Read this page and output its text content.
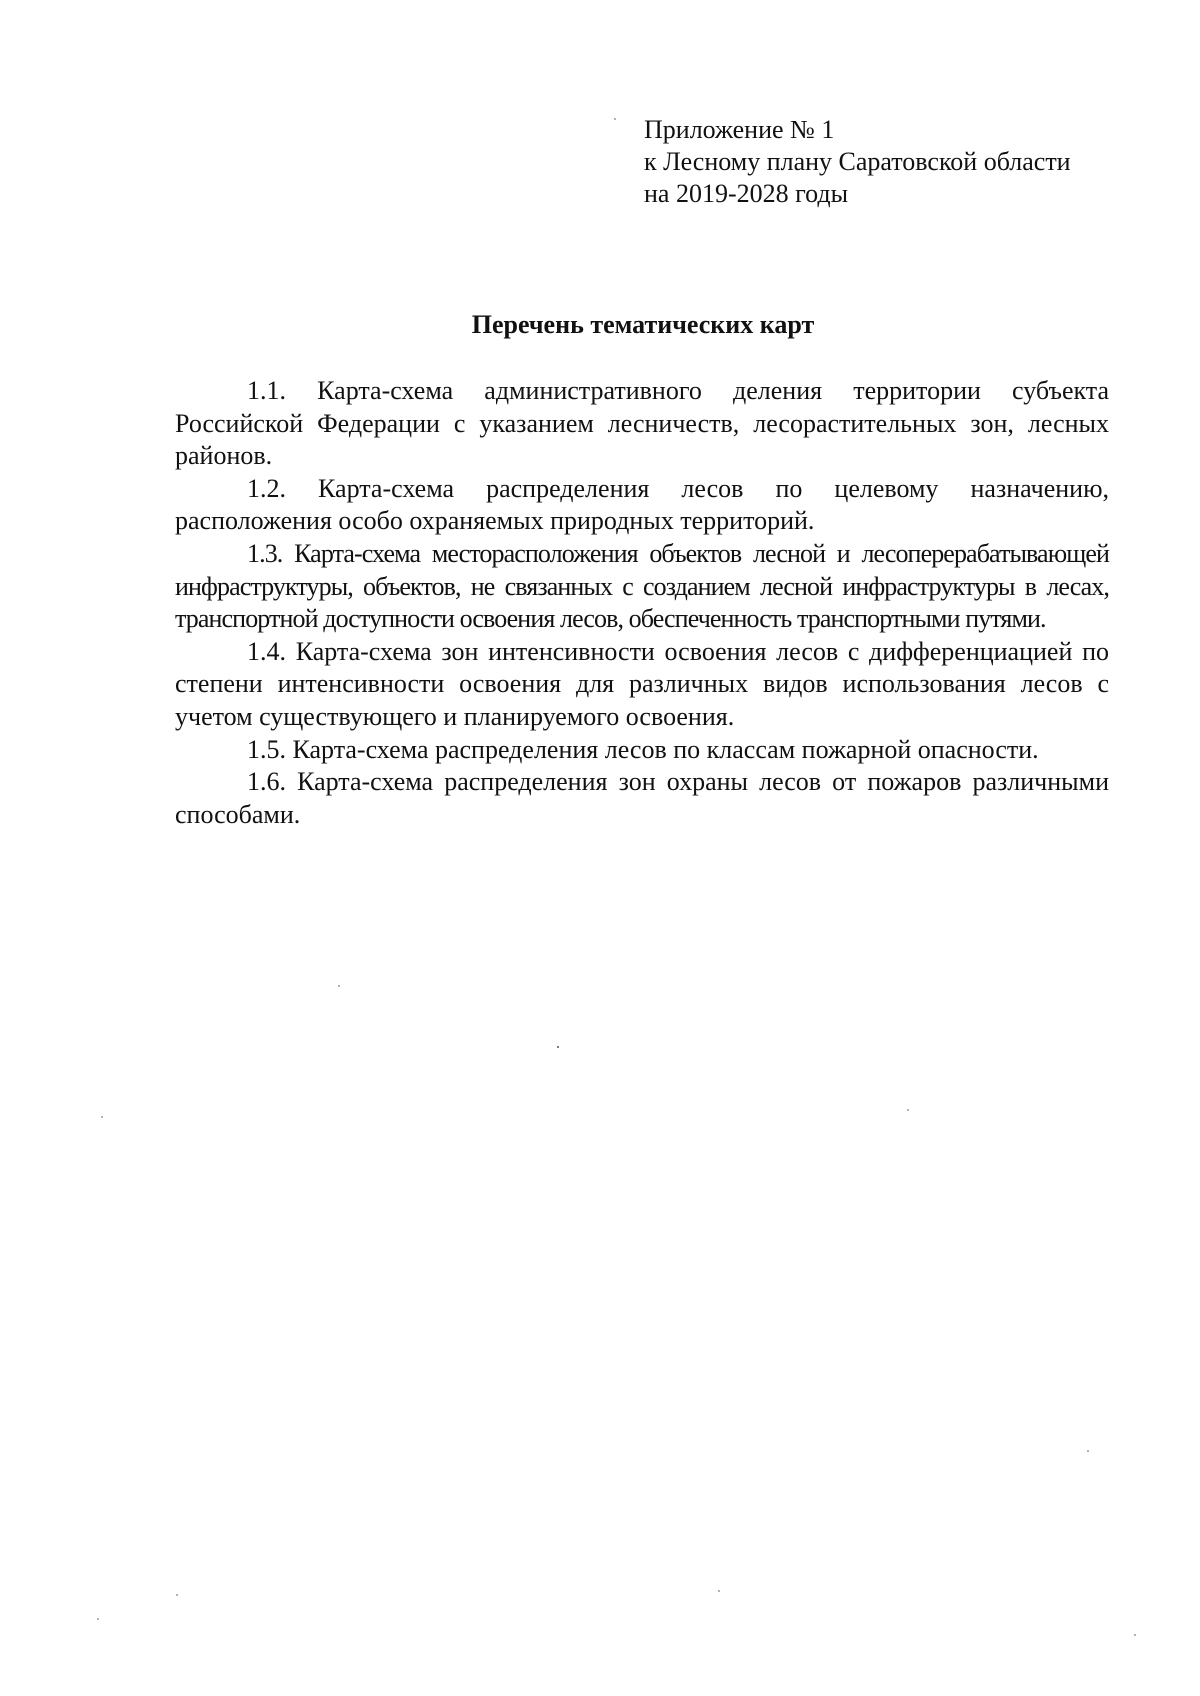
Приложение № 1
к Лесному плану Саратовской области
на 2019-2028 годы
Перечень тематических карт

1.1. Карта-схема административного деления территории субъекта Российской Федерации с указанием лесничеств, лесорастительных зон, лесных районов.

1.2. Карта-схема распределения лесов по целевому назначению, расположения особо охраняемых природных территорий.

1.3. Карта-схема месторасположения объектов лесной и лесоперерабатывающей инфраструктуры, объектов, не связанных с созданием лесной инфраструктуры в лесах, транспортной доступности освоения лесов, обеспеченность транспортными путями.

1.4. Карта-схема зон интенсивности освоения лесов с дифференциацией по степени интенсивности освоения для различных видов использования лесов с учетом существующего и планируемого освоения.

1.5. Карта-схема распределения лесов по классам пожарной опасности.

1.6. Карта-схема распределения зон охраны лесов от пожаров различными способами.
